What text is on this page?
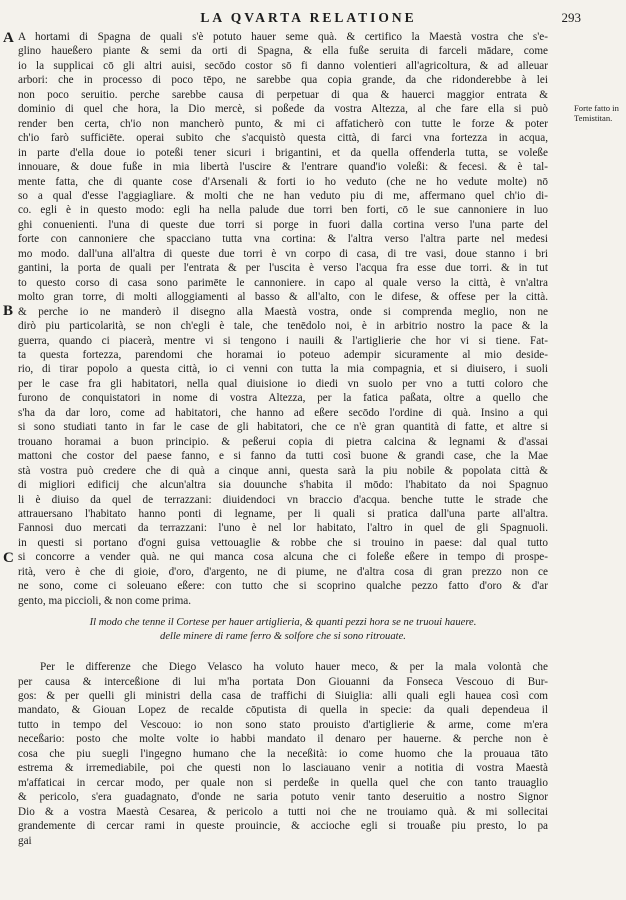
LA QVARTA RELATIONE	293
A
B
C
Forte fatto in Temistitan.
A hortami di Spagna de quali s'è potuto hauer seme quà. & certifico la Maestà vostra che s'e-
glino haueßero piante & semi da orti di Spagna, & ella fuße seruita di farceli mādare, come
io la supplicai cō gli altri auisi, secōdo costor sō fi danno volentieri all'agricoltura, & ad alleuar
arbori: che in processo di poco tēpo, ne sarebbe qua copia grande, da che ridonderebbe à lei
non poco seruitio. perche sarebbe causa di perpetuar di qua & hauerci maggior entrata &
dominio di quel che hora, la Dio mercè, si poßede da vostra Altezza, al che fare ella si può
render ben certa, ch'io non mancherò punto, & mi ci affaticherò con tutte le forze & poter
ch'io farò sufficiēte. operai subito che s'acquistò questa città, di farci vna fortezza in acqua,
in parte d'ella doue io poteßi tener sicuri i brigantini, et da quella offenderla tutta, se voleße
innouare, & doue fuße in mia libertà l'uscire & l'entrare quand'io voleßi: & fecesi. & è tal-
mente fatta, che di quante cose d'Arsenali & forti io ho veduto (che ne ho vedute molte) nō
so a qual d'esse l'aggiagliare. & molti che ne han veduto piu di me, affermano quel ch'io di-
co. egli è in questo modo: egli ha nella palude due torri ben forti, cō le sue cannoniere in luo
ghi conuenienti. l'una di queste due torri si porge in fuori dalla cortina verso l'una parte del
forte con cannoniere che spacciano tutta vna cortina: & l'altra verso l'altra parte nel medesi
mo modo. dall'una all'altra di queste due torri è vn corpo di casa, di tre vasi, doue stanno i bri
gantini, la porta de quali per l'entrata & per l'uscita è verso l'acqua fra esse due torri. & in tut
to questo corso di casa sono parimēte le cannoniere. in capo al quale verso la città, è vn'altra
molto gran torre, di molti alloggiamenti al basso & all'alto, con le difese, & offese per la città.
& perche io ne manderò il disegno alla Maestà vostra, onde si comprenda meglio, non ne
dirò piu particolarità, se non ch'egli è tale, che tenēdolo noi, è in arbitrio nostro la pace & la
guerra, quando ci piacerà, mentre vi si tengono i nauili & l'artiglierie che hor vi si tiene. Fat-
ta questa fortezza, parendomi che horamai io poteuo adempir sicuramente al mio deside-
rio, di tirar popolo a questa città, io ci venni con tutta la mia compagnia, et si diuisero, i suoli
per le case fra gli habitatori, nella qual diuisione io diedi vn suolo per vno a tutti coloro che
furono de conquistatori in nome di vostra Altezza, per la fatica paßata, oltre a quello che
s'ha da dar loro, come ad habitatori, che hanno ad eßere secōdo l'ordine di quà. Insino a qui
si sono studiati tanto in far le case de gli habitatori, che ce n'è gran quantità di fatte, et altre si
trouano horamai a buon principio. & peßerui copia di pietra calcina & legnami & d'assai
mattoni che costor del paese fanno, e si fanno da tutti così buone & grandi case, che la Mae
stà vostra può credere che di quà a cinque anni, questa sarà la piu nobile & popolata città &
di migliori edificij che alcun'altra sia douunche s'habita il mōdo: l'habitato da noi Spagnuo
li è diuiso da quel de terrazzani: diuidendoci vn braccio d'acqua. benche tutte le strade che
attrauersano l'habitato hanno ponti di legname, per li quali si pratica dall'una parte all'altra.
Fannosi duo mercati da terrazzani: l'uno è nel lor habitato, l'altro in quel de gli Spagnuoli.
in questi si portano d'ogni guisa vettouaglie & robbe che si trouino in paese: dal qual tutto
si concorre a vender quà. ne qui manca cosa alcuna che ci foleße eßere in tempo di prospe-
rità, vero è che di gioie, d'oro, d'argento, ne di piume, ne d'altra cosa di gran prezzo non ce
ne sono, come ci soleuano eßere: con tutto che si scoprino qualche pezzo fatto d'oro & d'ar
gento, ma piccioli, & non come prima.
Il modo che tenne il Cortese per hauer artiglieria, & quanti pezzi hora se ne truoui hauere.
delle minere di rame ferro & solfore che si sono ritrouate.
Per le differenze che Diego Velasco ha voluto hauer meco, & per la mala volontà che
per causa & interceßione di lui m'ha portata Don Giouanni da Fonseca Vescouo di Bur-
gos: & per quelli gli ministri della casa de traffichi di Siuiglia: alli quali egli hauea così com
mandato, & Giouan Lopez de recalde cōputista di quella in specie: da quali dependeua il
tutto in tempo del Vescouo: io non sono stato prouisto d'artiglierie & arme, come m'era
neceßario: posto che molte volte io habbi mandato il denaro per hauerne. & perche non è
cosa che piu suegli l'ingegno humano che la neceßità: io come huomo che la prouaua tāto
estrema & irremediabile, poi che questi non lo lasciauano venir a notitia di vostra Maestà
m'affaticai in cercar modo, per quale non si perdeße in quella quel che con tanto trauaglio
& pericolo, s'era guadagnato, d'onde ne saria potuto venir tanto deseruitio a nostro Signor
Dio & a vostra Maestà Cesarea, & pericolo a tutti noi che ne trouiamo quà. & mi sollecitai
grandemente di cercar rami in queste prouincie, & accioche egli si trouaße piu presto, lo pa
gai
